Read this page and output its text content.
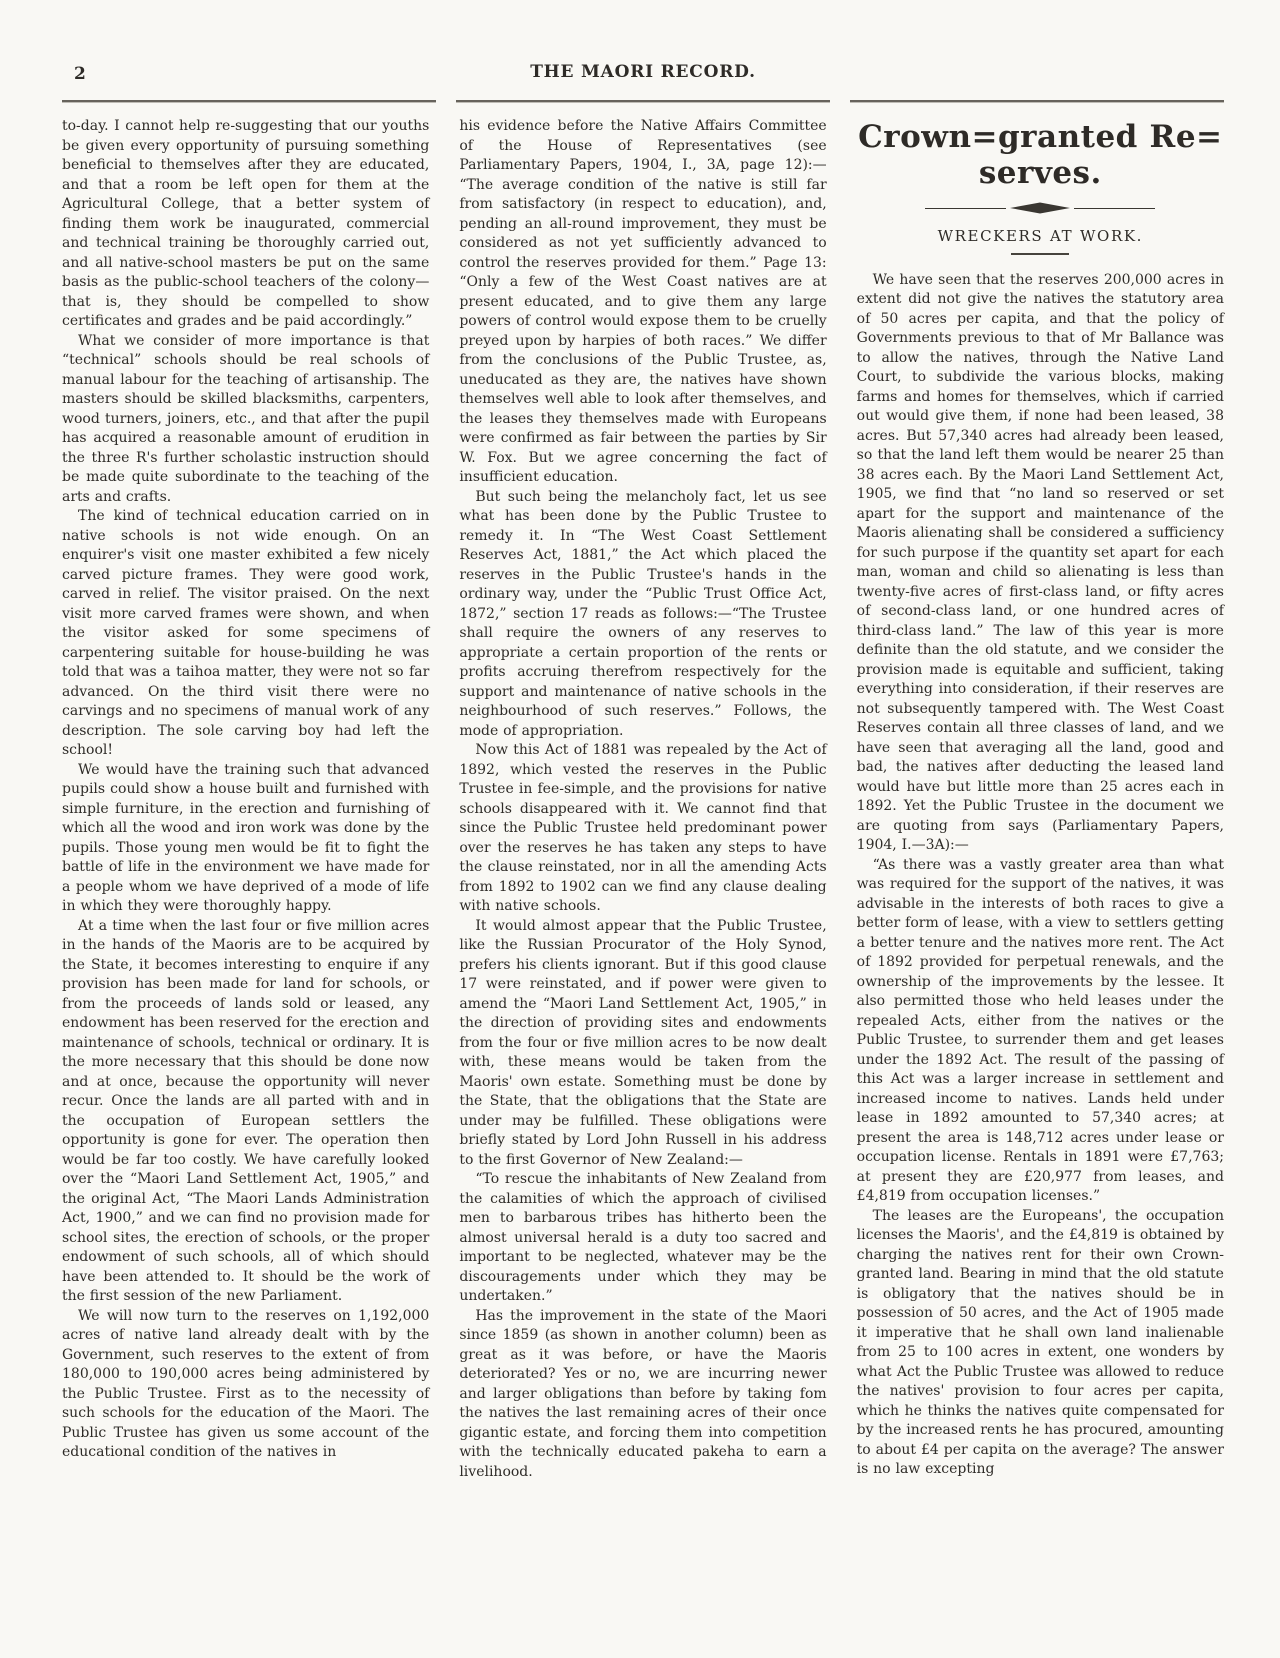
2	THE MAORI RECORD.

to-day. I cannot help re-suggesting that our youths be given every opportunity of pursuing something beneficial to themselves after they are educated, and that a room be left open for them at the Agricultural College, that a better system of finding them work be inaugurated, commercial and technical training be thoroughly carried out, and all native-school masters be put on the same basis as the public-school teachers of the colony—that is, they should be compelled to show certificates and grades and be paid accordingly.”

What we consider of more importance is that “technical” schools should be real schools of manual labour for the teaching of artisanship. The masters should be skilled blacksmiths, carpenters, wood turners, joiners, etc., and that after the pupil has acquired a reasonable amount of erudition in the three R's further scholastic instruction should be made quite subordinate to the teaching of the arts and crafts.

The kind of technical education carried on in native schools is not wide enough. On an enquirer's visit one master exhibited a few nicely carved picture frames. They were good work, carved in relief. The visitor praised. On the next visit more carved frames were shown, and when the visitor asked for some specimens of carpentering suitable for house-building he was told that was a taihoa matter, they were not so far advanced. On the third visit there were no carvings and no specimens of manual work of any description. The sole carving boy had left the school!

We would have the training such that advanced pupils could show a house built and furnished with simple furniture, in the erection and furnishing of which all the wood and iron work was done by the pupils. Those young men would be fit to fight the battle of life in the environment we have made for a people whom we have deprived of a mode of life in which they were thoroughly happy.

At a time when the last four or five million acres in the hands of the Maoris are to be acquired by the State, it becomes interesting to enquire if any provision has been made for land for schools, or from the proceeds of lands sold or leased, any endowment has been reserved for the erection and maintenance of schools, technical or ordinary. It is the more necessary that this should be done now and at once, because the opportunity will never recur. Once the lands are all parted with and in the occupation of European settlers the opportunity is gone for ever. The operation then would be far too costly. We have carefully looked over the “Maori Land Settlement Act, 1905,” and the original Act, “The Maori Lands Administration Act, 1900,” and we can find no provision made for school sites, the erection of schools, or the proper endowment of such schools, all of which should have been attended to. It should be the work of the first session of the new Parliament.

We will now turn to the reserves on 1,192,000 acres of native land already dealt with by the Government, such reserves to the extent of from 180,000 to 190,000 acres being administered by the Public Trustee. First as to the necessity of such schools for the education of the Maori. The Public Trustee has given us some account of the educational condition of the natives in

his evidence before the Native Affairs Committee of the House of Representatives (see Parliamentary Papers, 1904, I., 3A, page 12):— “The average condition of the native is still far from satisfactory (in respect to education), and, pending an all-round improvement, they must be considered as not yet sufficiently advanced to control the reserves provided for them.” Page 13: “Only a few of the West Coast natives are at present educated, and to give them any large powers of control would expose them to be cruelly preyed upon by harpies of both races.” We differ from the conclusions of the Public Trustee, as, uneducated as they are, the natives have shown themselves well able to look after themselves, and the leases they themselves made with Europeans were confirmed as fair between the parties by Sir W. Fox. But we agree concerning the fact of insufficient education.

But such being the melancholy fact, let us see what has been done by the Public Trustee to remedy it. In “The West Coast Settlement Reserves Act, 1881,” the Act which placed the reserves in the Public Trustee's hands in the ordinary way, under the “Public Trust Office Act, 1872,” section 17 reads as follows:—“The Trustee shall require the owners of any reserves to appropriate a certain proportion of the rents or profits accruing therefrom respectively for the support and maintenance of native schools in the neighbourhood of such reserves.” Follows, the mode of appropriation.

Now this Act of 1881 was repealed by the Act of 1892, which vested the reserves in the Public Trustee in fee-simple, and the provisions for native schools disappeared with it. We cannot find that since the Public Trustee held predominant power over the reserves he has taken any steps to have the clause reinstated, nor in all the amending Acts from 1892 to 1902 can we find any clause dealing with native schools.

It would almost appear that the Public Trustee, like the Russian Procurator of the Holy Synod, prefers his clients ignorant. But if this good clause 17 were reinstated, and if power were given to amend the “Maori Land Settlement Act, 1905,” in the direction of providing sites and endowments from the four or five million acres to be now dealt with, these means would be taken from the Maoris' own estate. Something must be done by the State, that the obligations that the State are under may be fulfilled. These obligations were briefly stated by Lord John Russell in his address to the first Governor of New Zealand:—

“To rescue the inhabitants of New Zealand from the calamities of which the approach of civilised men to barbarous tribes has hitherto been the almost universal herald is a duty too sacred and important to be neglected, whatever may be the discouragements under which they may be undertaken.”

Has the improvement in the state of the Maori since 1859 (as shown in another column) been as great as it was before, or have the Maoris deteriorated? Yes or no, we are incurring newer and larger obligations than before by taking fom the natives the last remaining acres of their once gigantic estate, and forcing them into competition with the technically educated pakeha to earn a livelihood.

Crown=granted Re=
serves.
WRECKERS AT WORK.

We have seen that the reserves 200,000 acres in extent did not give the natives the statutory area of 50 acres per capita, and that the policy of Governments previous to that of Mr Ballance was to allow the natives, through the Native Land Court, to subdivide the various blocks, making farms and homes for themselves, which if carried out would give them, if none had been leased, 38 acres. But 57,340 acres had already been leased, so that the land left them would be nearer 25 than 38 acres each. By the Maori Land Settlement Act, 1905, we find that “no land so reserved or set apart for the support and maintenance of the Maoris alienating shall be considered a sufficiency for such purpose if the quantity set apart for each man, woman and child so alienating is less than twenty-five acres of first-class land, or fifty acres of second-class land, or one hundred acres of third-class land.” The law of this year is more definite than the old statute, and we consider the provision made is equitable and sufficient, taking everything into consideration, if their reserves are not subsequently tampered with. The West Coast Reserves contain all three classes of land, and we have seen that averaging all the land, good and bad, the natives after deducting the leased land would have but little more than 25 acres each in 1892. Yet the Public Trustee in the document we are quoting from says (Parliamentary Papers, 1904, I.—3A):—

“As there was a vastly greater area than what was required for the support of the natives, it was advisable in the interests of both races to give a better form of lease, with a view to settlers getting a better tenure and the natives more rent. The Act of 1892 provided for perpetual renewals, and the ownership of the improvements by the lessee. It also permitted those who held leases under the repealed Acts, either from the natives or the Public Trustee, to surrender them and get leases under the 1892 Act. The result of the passing of this Act was a larger increase in settlement and increased income to natives. Lands held under lease in 1892 amounted to 57,340 acres; at present the area is 148,712 acres under lease or occupation license. Rentals in 1891 were £7,763; at present they are £20,977 from leases, and £4,819 from occupation licenses.”

The leases are the Europeans', the occupation licenses the Maoris', and the £4,819 is obtained by charging the natives rent for their own Crown-granted land. Bearing in mind that the old statute is obligatory that the natives should be in possession of 50 acres, and the Act of 1905 made it imperative that he shall own land inalienable from 25 to 100 acres in extent, one wonders by what Act the Public Trustee was allowed to reduce the natives' provision to four acres per capita, which he thinks the natives quite compensated for by the increased rents he has procured, amounting to about £4 per capita on the average? The answer is no law excepting
